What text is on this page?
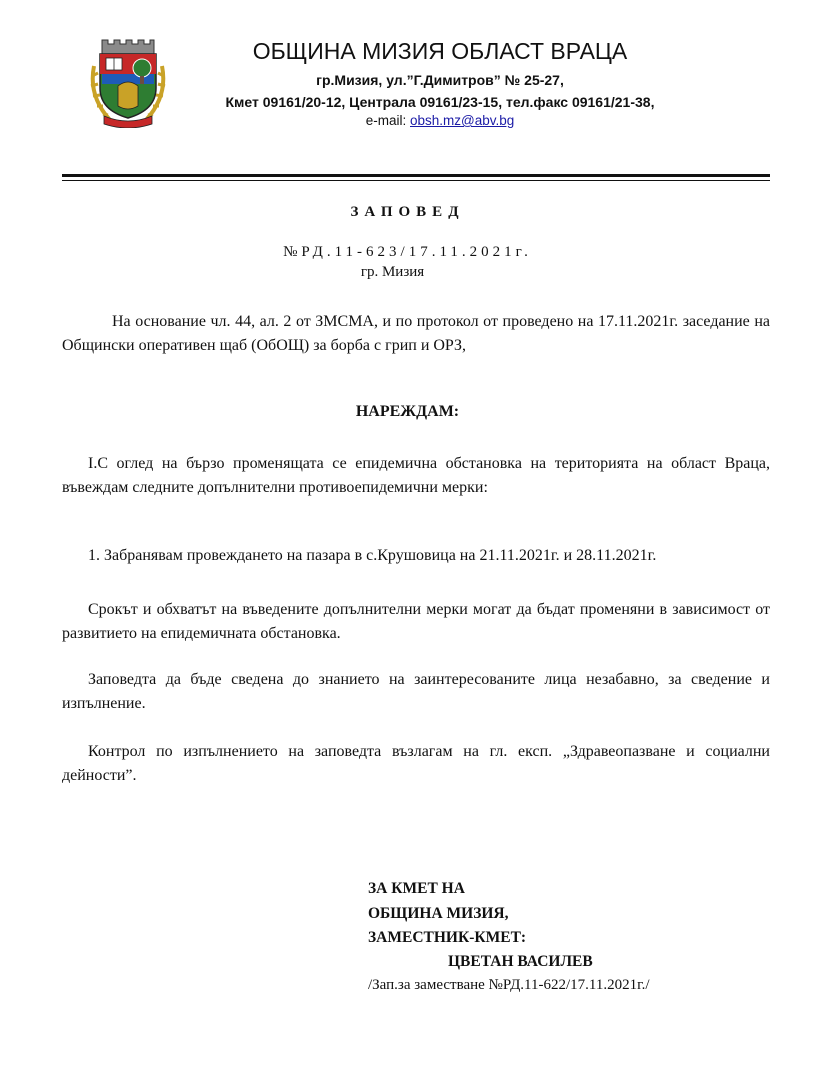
ОБЩИНА МИЗИЯ ОБЛАСТ ВРАЦА
гр.Мизия, ул.”Г.Димитров” № 25-27,
Кмет 09161/20-12, Централа 09161/23-15, тел.факс 09161/21-38,
e-mail: obsh.mz@abv.bg
ЗАПОВЕД
№РД.11-623/17.11.2021г.
гр. Мизия
На основание чл. 44, ал. 2 от ЗМСМА, и по протокол от проведено на 17.11.2021г. заседание на Общински оперативен щаб (ОбОЩ) за борба с грип и ОРЗ,
НАРЕЖДАМ:
I.С оглед на бързо променящата се епидемична обстановка на територията на област Враца, въвеждам следните допълнителни противоепидемични мерки:
1. Забранявам провеждането на пазара в с.Крушовица на 21.11.2021г. и 28.11.2021г.
Срокът и обхватът на въведените допълнителни мерки могат да бъдат променяни в зависимост от развитието на епидемичната обстановка.
Заповедта да бъде сведена до знанието на заинтересованите лица незабавно, за сведение и изпълнение.
Контрол по изпълнението на заповедта възлагам на гл. експ. „Здравеопазване и социални дейности”.
ЗА КМЕТ НА
ОБЩИНА МИЗИЯ,
ЗАМЕСТНИК-КМЕТ:
ЦВЕТАН ВАСИЛЕВ
/Зап.за заместване №РД.11-622/17.11.2021г./
